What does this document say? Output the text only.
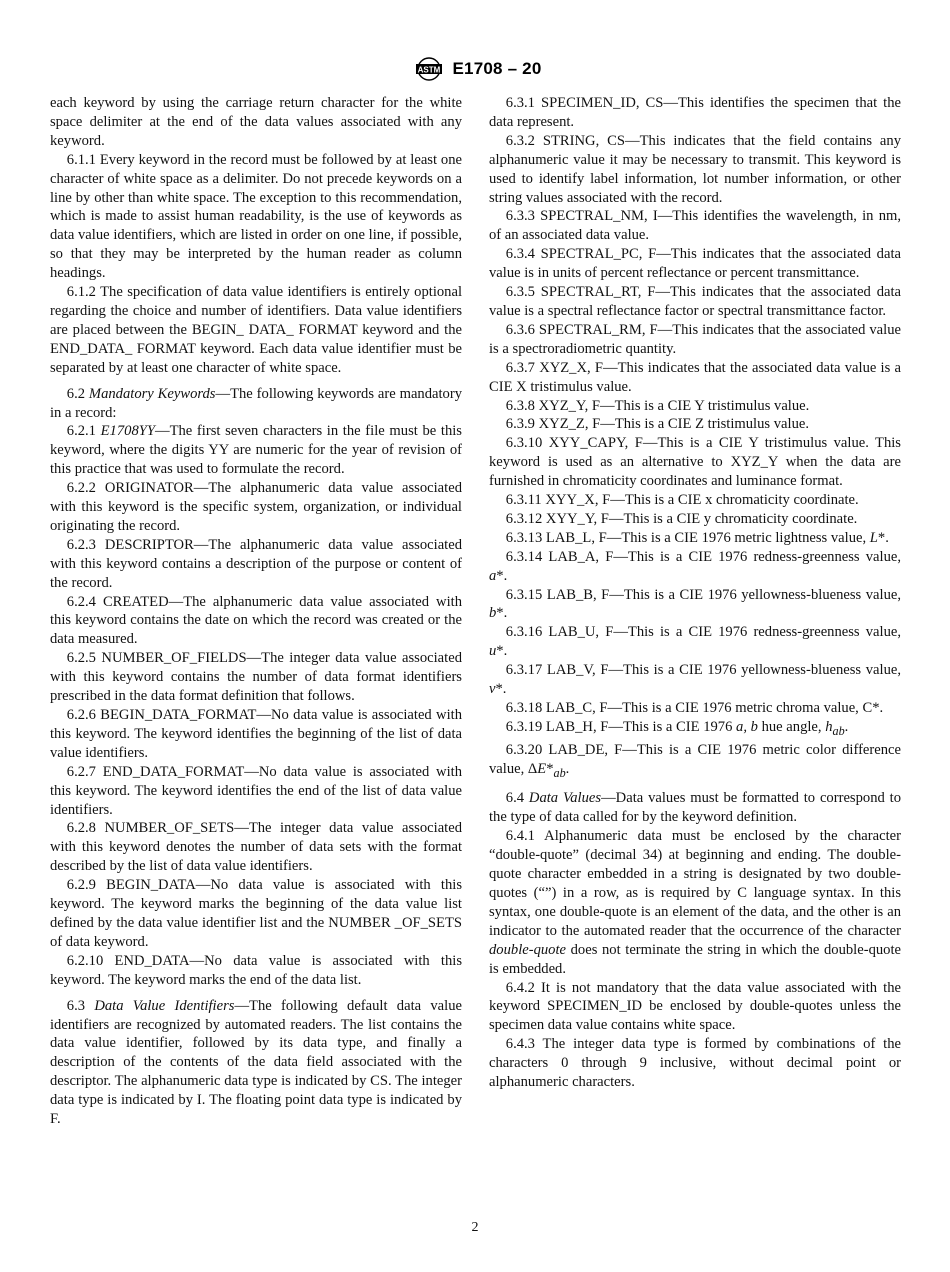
ASTM E1708 – 20

each keyword by using the carriage return character for the white space delimiter at the end of the data values associated with any keyword.

6.1.1 Every keyword in the record must be followed by at least one character of white space as a delimiter. Do not precede keywords on a line by other than white space. The exception to this recommendation, which is made to assist human readability, is the use of keywords as data value identifiers, which are listed in order on one line, if possible, so that they may be interpreted by the human reader as column headings.

6.1.2 The specification of data value identifiers is entirely optional regarding the choice and number of identifiers. Data value identifiers are placed between the BEGIN_ DATA_ FORMAT keyword and the END_DATA_ FORMAT keyword. Each data value identifier must be separated by at least one character of white space.

6.2 Mandatory Keywords—The following keywords are mandatory in a record:

6.2.1 E1708YY—The first seven characters in the file must be this keyword, where the digits YY are numeric for the year of revision of this practice that was used to formulate the record.

6.2.2 ORIGINATOR—The alphanumeric data value associated with this keyword is the specific system, organization, or individual originating the record.

6.2.3 DESCRIPTOR—The alphanumeric data value associated with this keyword contains a description of the purpose or content of the record.

6.2.4 CREATED—The alphanumeric data value associated with this keyword contains the date on which the record was created or the data measured.

6.2.5 NUMBER_OF_FIELDS—The integer data value associated with this keyword contains the number of data format identifiers prescribed in the data format definition that follows.

6.2.6 BEGIN_DATA_FORMAT—No data value is associated with this keyword. The keyword identifies the beginning of the list of data value identifiers.

6.2.7 END_DATA_FORMAT—No data value is associated with this keyword. The keyword identifies the end of the list of data value identifiers.

6.2.8 NUMBER_OF_SETS—The integer data value associated with this keyword denotes the number of data sets with the format described by the list of data value identifiers.

6.2.9 BEGIN_DATA—No data value is associated with this keyword. The keyword marks the beginning of the data value list defined by the data value identifier list and the NUMBER _OF_SETS of data keyword.

6.2.10 END_DATA—No data value is associated with this keyword. The keyword marks the end of the data list.

6.3 Data Value Identifiers—The following default data value identifiers are recognized by automated readers. The list contains the data value identifier, followed by its data type, and finally a description of the contents of the data field associated with the descriptor. The alphanumeric data type is indicated by CS. The integer data type is indicated by I. The floating point data type is indicated by F.

6.3.1 SPECIMEN_ID, CS—This identifies the specimen that the data represent.

6.3.2 STRING, CS—This indicates that the field contains any alphanumeric value it may be necessary to transmit. This keyword is used to identify label information, lot number information, or other string values associated with the record.

6.3.3 SPECTRAL_NM, I—This identifies the wavelength, in nm, of an associated data value.

6.3.4 SPECTRAL_PC, F—This indicates that the associated data value is in units of percent reflectance or percent transmittance.

6.3.5 SPECTRAL_RT, F—This indicates that the associated data value is a spectral reflectance factor or spectral transmittance factor.

6.3.6 SPECTRAL_RM, F—This indicates that the associated value is a spectroradiometric quantity.

6.3.7 XYZ_X, F—This indicates that the associated data value is a CIE X tristimulus value.

6.3.8 XYZ_Y, F—This is a CIE Y tristimulus value.

6.3.9 XYZ_Z, F—This is a CIE Z tristimulus value.

6.3.10 XYY_CAPY, F—This is a CIE Y tristimulus value. This keyword is used as an alternative to XYZ_Y when the data are furnished in chromaticity coordinates and luminance format.

6.3.11 XYY_X, F—This is a CIE x chromaticity coordinate.

6.3.12 XYY_Y, F—This is a CIE y chromaticity coordinate.

6.3.13 LAB_L, F—This is a CIE 1976 metric lightness value, L*.

6.3.14 LAB_A, F—This is a CIE 1976 redness-greenness value, a*.

6.3.15 LAB_B, F—This is a CIE 1976 yellowness-blueness value, b*.

6.3.16 LAB_U, F—This is a CIE 1976 redness-greenness value, u*.

6.3.17 LAB_V, F—This is a CIE 1976 yellowness-blueness value, v*.

6.3.18 LAB_C, F—This is a CIE 1976 metric chroma value, C*.

6.3.19 LAB_H, F—This is a CIE 1976 a, b hue angle, $h_{ab}$.

6.3.20 LAB_DE, F—This is a CIE 1976 metric color difference value, $\Delta E*_{ab}$.

6.4 Data Values—Data values must be formatted to correspond to the type of data called for by the keyword definition.

6.4.1 Alphanumeric data must be enclosed by the character “double-quote” (decimal 34) at beginning and ending. The double-quote character embedded in a string is designated by two double-quotes (“”) in a row, as is required by C language syntax. In this syntax, one double-quote is an element of the data, and the other is an indicator to the automated reader that the occurrence of the character double-quote does not terminate the string in which the double-quote is embedded.

6.4.2 It is not mandatory that the data value associated with the keyword SPECIMEN_ID be enclosed by double-quotes unless the specimen data value contains white space.

6.4.3 The integer data type is formed by combinations of the characters 0 through 9 inclusive, without decimal point or alphanumeric characters.

2
